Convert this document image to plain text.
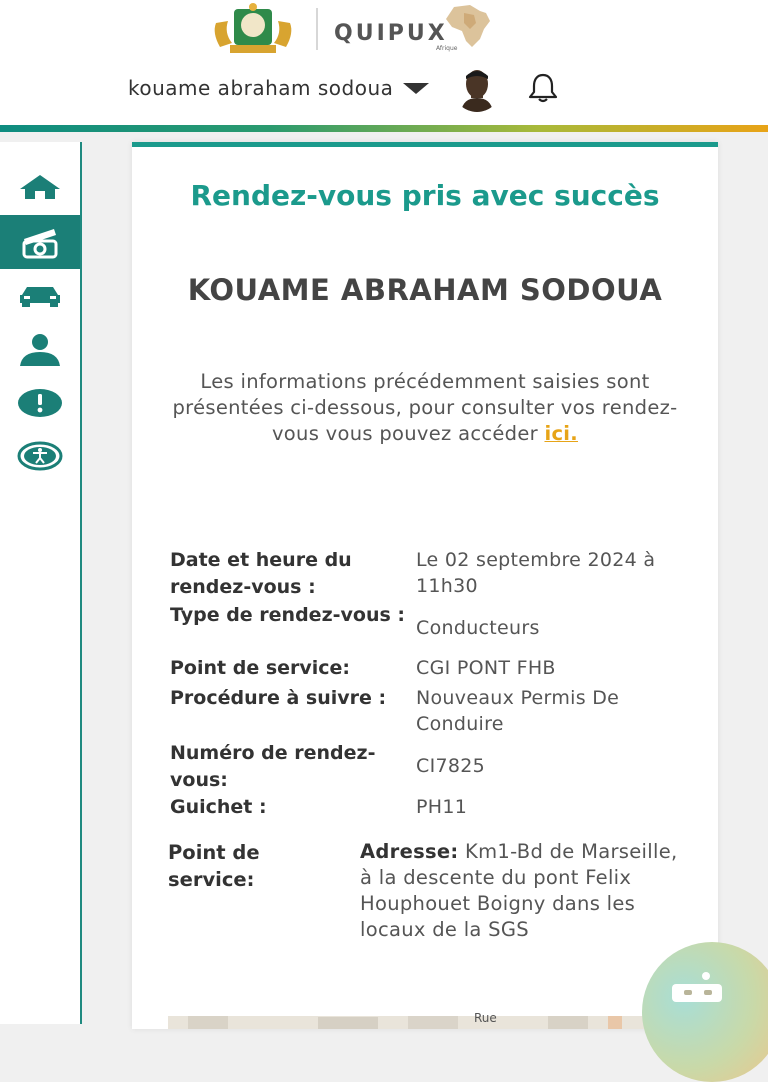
QUIPUX
Afrique
kouame abraham sodoua
Rendez-vous pris avec succès
KOUAME ABRAHAM SODOUA
Les informations précédemment saisies sont présentées ci-dessous, pour consulter vos rendez-vous vous pouvez accéder ici.
Date et heure du rendez-vous :
Le 02 septembre 2024 à 11h30
Type de rendez-vous :
Conducteurs
Point de service:	CGI PONT FHB
Procédure à suivre :	Nouveaux Permis De Conduire
Numéro de rendez-vous:
CI7825
Guichet :	PH11
Point de service:
Adresse: Km1-Bd de Marseille, à la descente du pont Felix Houphouet Boigny dans les locaux de la SGS
Rue
